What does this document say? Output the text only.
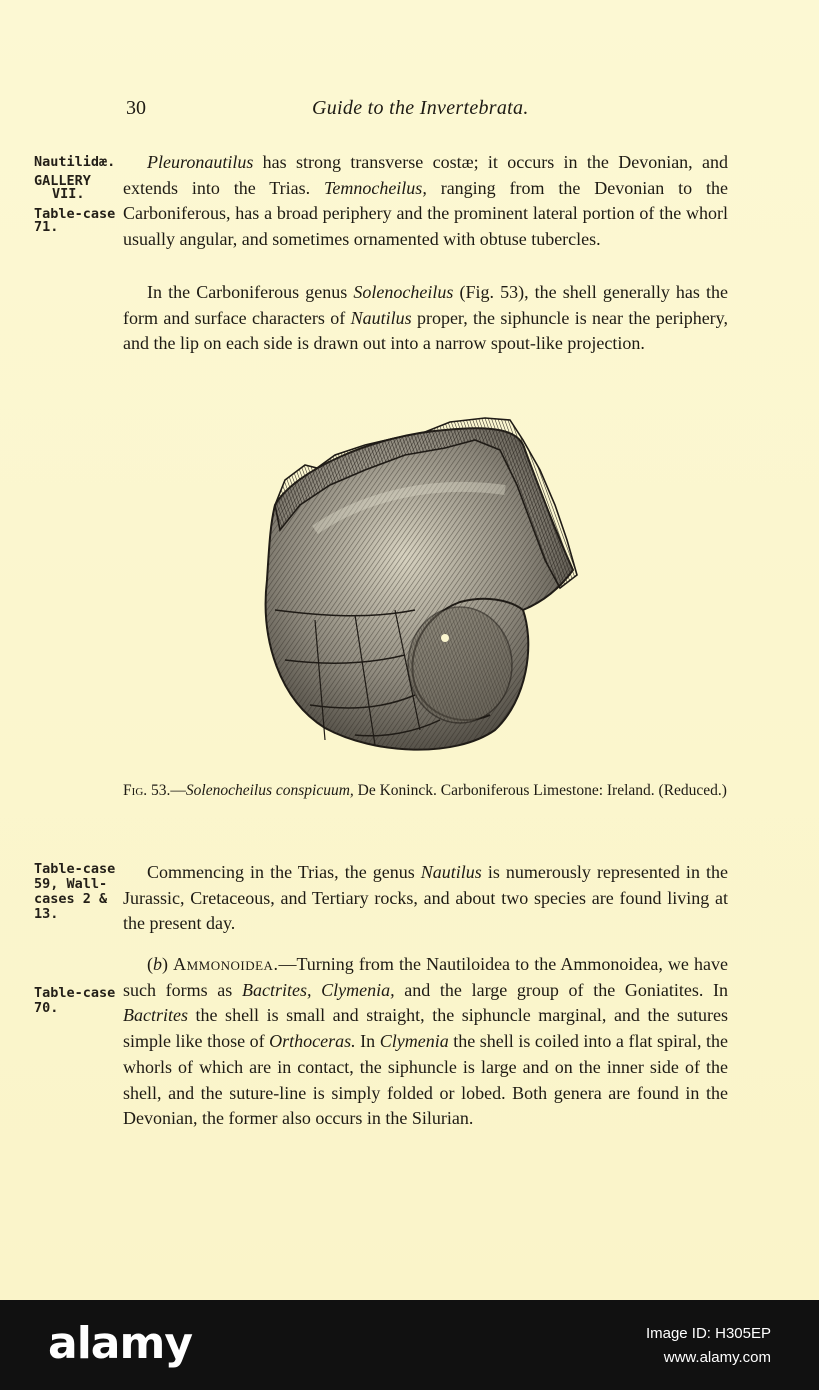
30	Guide to the Invertebrata.
Nautilidæ.
GALLERY
VII.
Table-case
71.

Pleuronautilus has strong transverse costæ; it occurs in the Devonian, and extends into the Trias. Temnocheilus, ranging from the Devonian to the Carboniferous, has a broad periphery and the prominent lateral portion of the whorl usually angular, and sometimes ornamented with obtuse tubercles.

In the Carboniferous genus Solenocheilus (Fig. 53), the shell generally has the form and surface characters of Nautilus proper, the siphuncle is near the periphery, and the lip on each side is drawn out into a narrow spout-like projection.

Fig. 53.—Solenocheilus conspicuum, De Koninck. Carboniferous Limestone: Ireland. (Reduced.)
Table-case
59, Wall-
cases 2 &
13.

Commencing in the Trias, the genus Nautilus is numerously represented in the Jurassic, Cretaceous, and Tertiary rocks, and about two species are found living at the present day.

Table-case
70.

(b) Ammonoidea.—Turning from the Nautiloidea to the Ammonoidea, we have such forms as Bactrites, Clymenia, and the large group of the Goniatites. In Bactrites the shell is small and straight, the siphuncle marginal, and the sutures simple like those of Orthoceras. In Clymenia the shell is coiled into a flat spiral, the whorls of which are in contact, the siphuncle is large and on the inner side of the shell, and the suture-line is simply folded or lobed. Both genera are found in the Devonian, the former also occurs in the Silurian.

alamy	Image ID: H305EP
www.alamy.com
